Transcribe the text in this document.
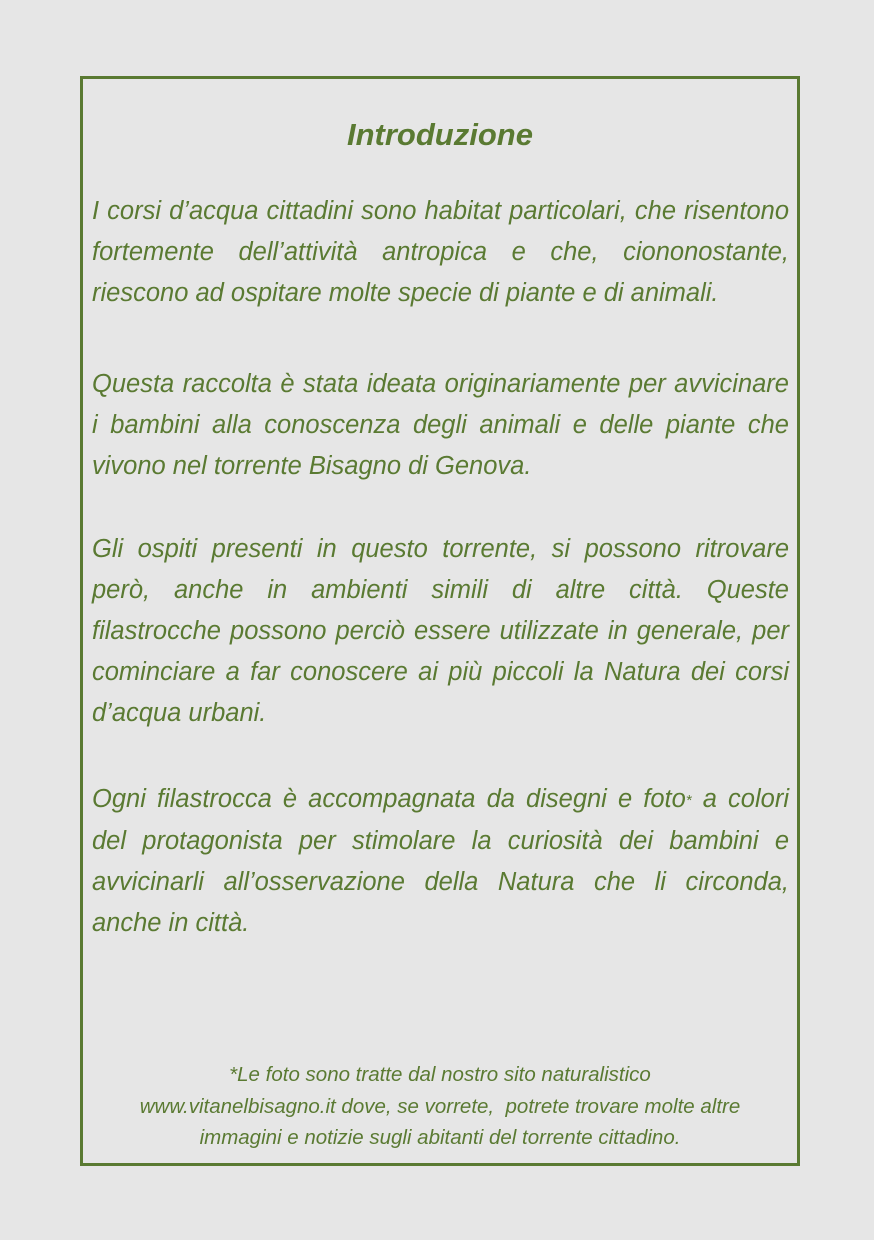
Introduzione

I corsi d’acqua cittadini sono habitat particolari, che risentono fortemente dell’attività antropica e che, ciononostante, riescono ad ospitare molte specie di piante e di animali.

Questa raccolta è stata ideata originariamente per avvicinare i bambini alla conoscenza degli animali e delle piante che vivono nel torrente Bisagno di Genova.

Gli ospiti presenti in questo torrente, si possono ritrovare però, anche in ambienti simili di altre città. Queste filastrocche possono perciò essere utilizzate in generale, per cominciare a far conoscere ai più piccoli la Natura dei corsi d’acqua urbani.

Ogni filastrocca è accompagnata da disegni e foto* a colori del protagonista per stimolare la curiosità dei bambini e avvicinarli all’osservazione della Natura che li circonda, anche in città.

*Le foto sono tratte dal nostro sito naturalistico
www.vitanelbisagno.it dove, se vorrete,  potrete trovare molte altre
immagini e notizie sugli abitanti del torrente cittadino.
